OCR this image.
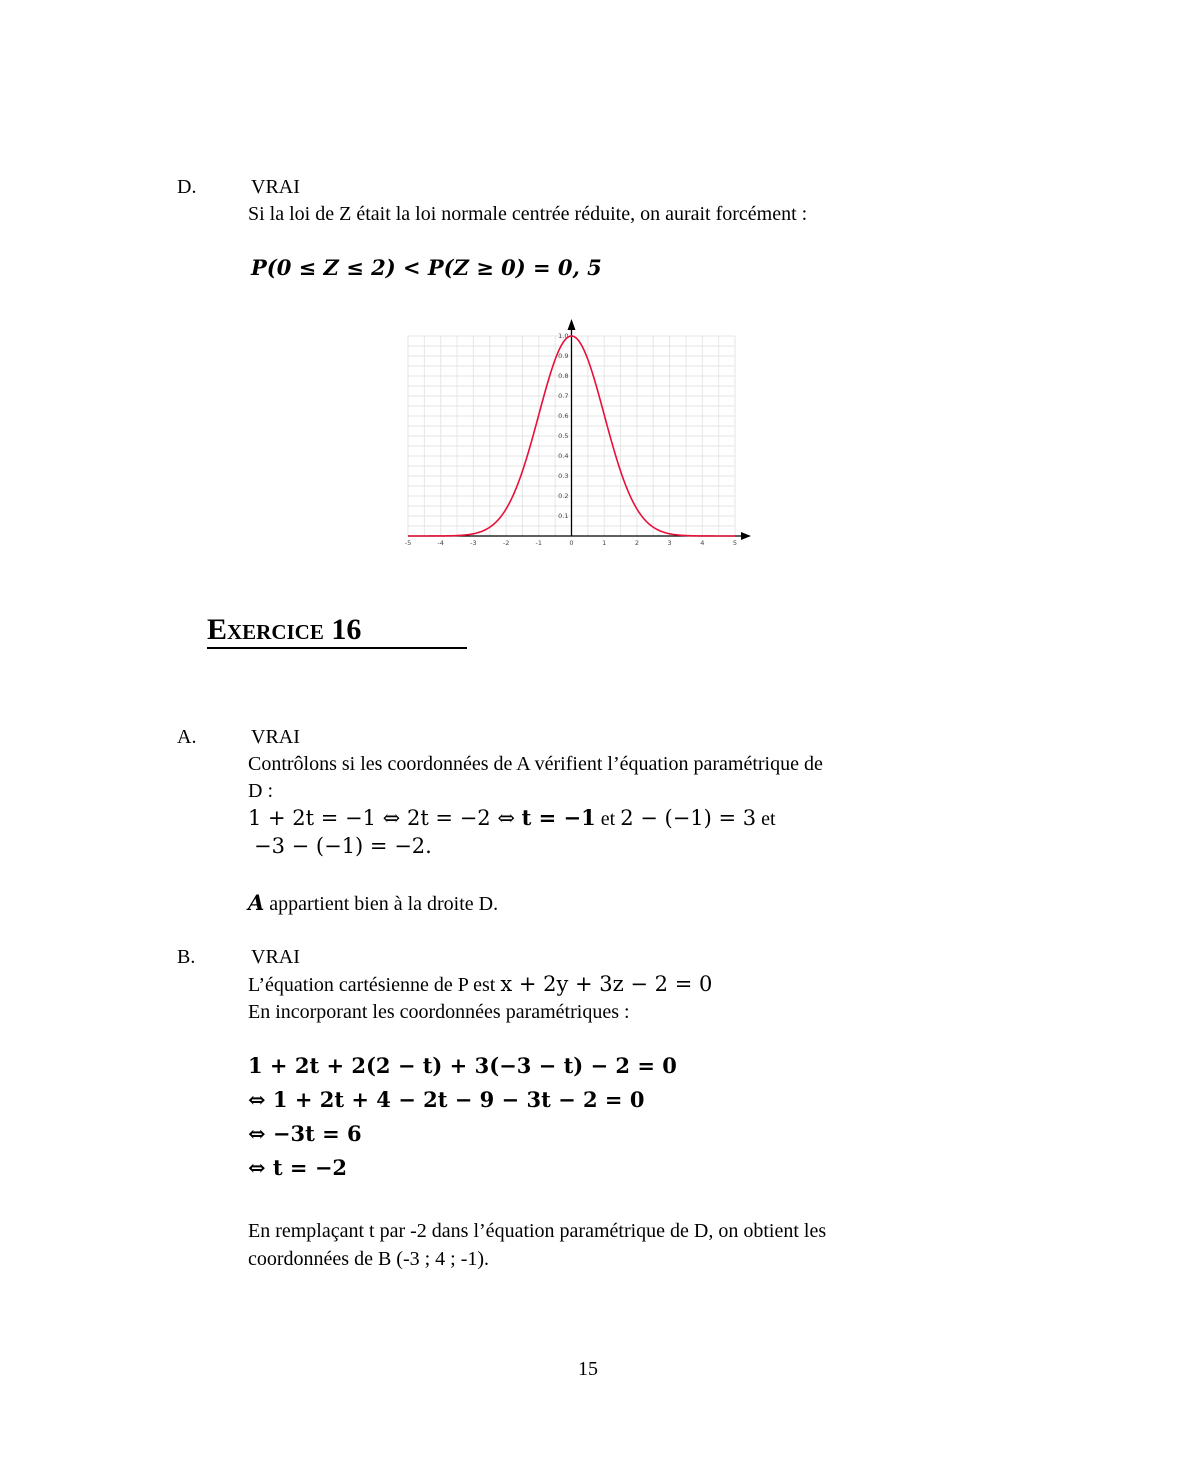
D.	VRAI
Si la loi de Z était la loi normale centrée réduite, on aurait forcément :
P(0 ≤ Z ≤ 2) < P(Z ≥ 0) = 0, 5
-5	-4	-3	-2	-1	0	1	2	3	4	5
0.1
0.2
0.3
0.4
0.5
0.6
0.7
0.8
0.9
1.0
Exercice 16
A.	VRAI
Contrôlons si les coordonnées de A vérifient l’équation paramétrique de
D :
1 + 2t = −1 ⇔ 2t = −2 ⇔ t = −1 et 2 − (−1) = 3 et
−3 − (−1) = −2.
A appartient bien à la droite D.
B.	VRAI
L’équation cartésienne de P est x + 2y + 3z − 2 = 0
En incorporant les coordonnées paramétriques :
1 + 2t + 2(2 − t) + 3(−3 − t) − 2 = 0
⇔ 1 + 2t + 4 − 2t − 9 − 3t − 2 = 0
⇔ −3t = 6
⇔ t = −2
En remplaçant t par -2 dans l’équation paramétrique de D, on obtient les
coordonnées de B (-3 ; 4 ; -1).
15
